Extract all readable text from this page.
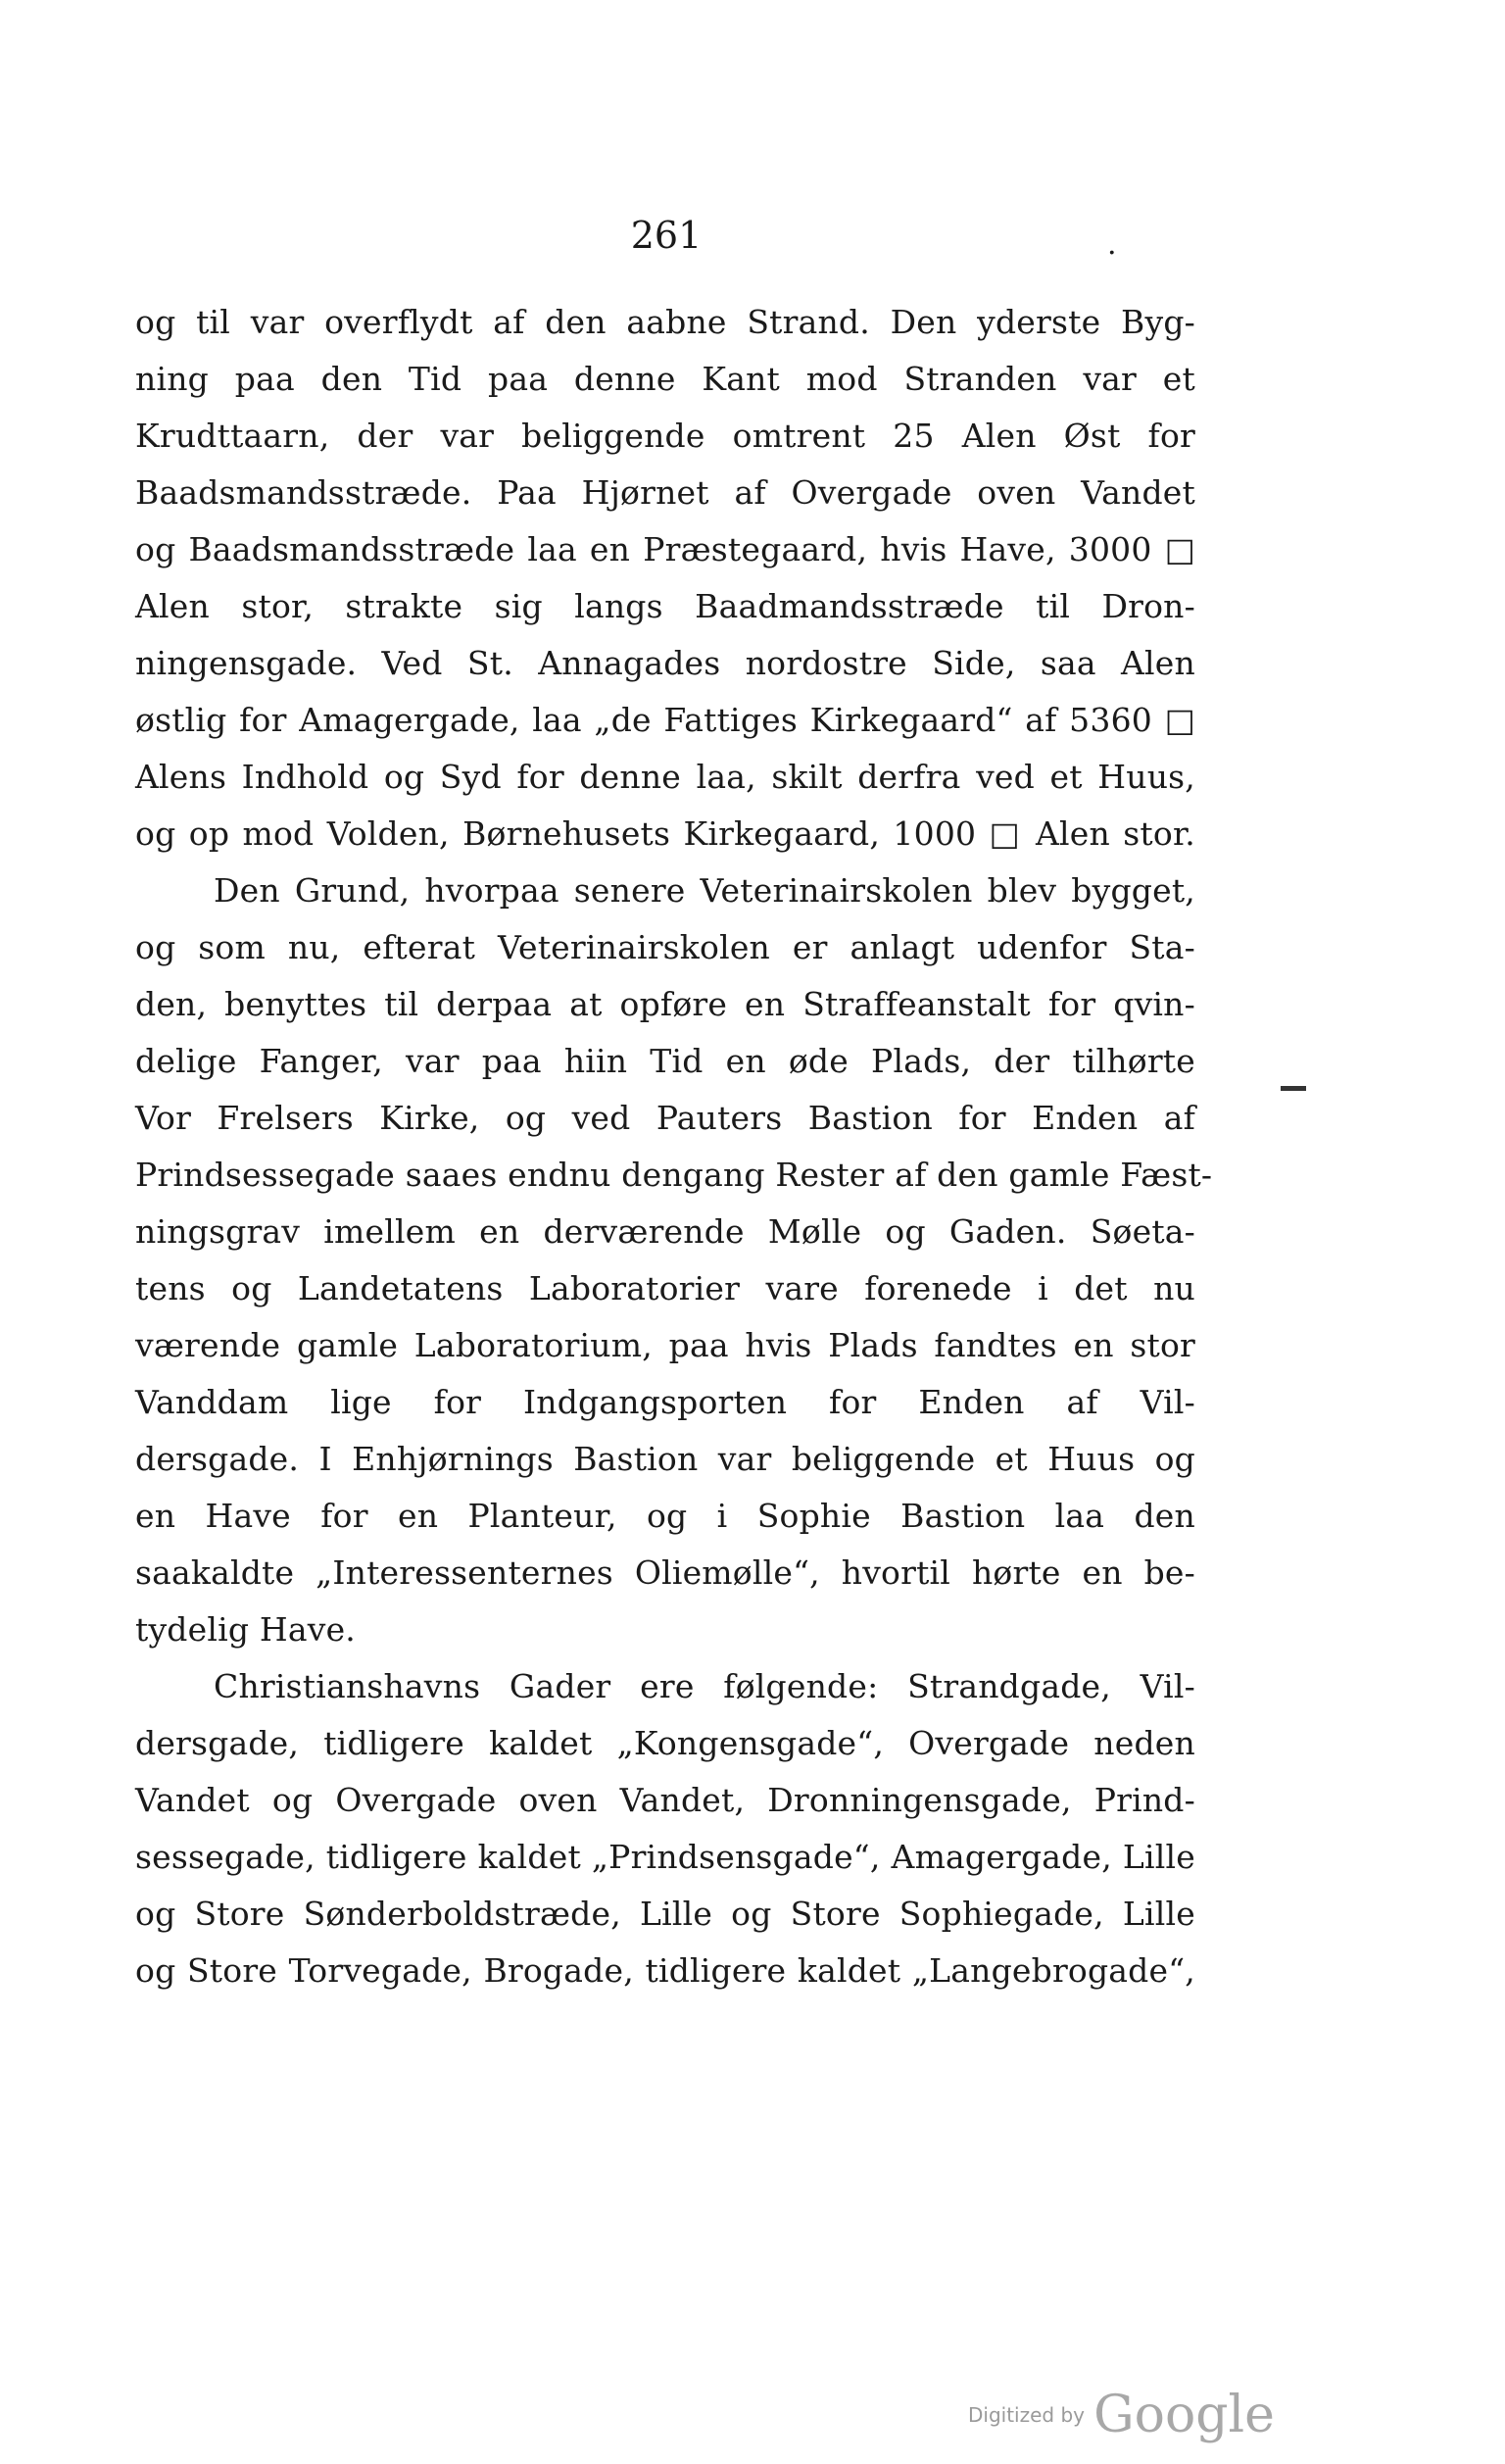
261	.

og til var overflydt af den aabne Strand. Den yderste Byg-
ning paa den Tid paa denne Kant mod Stranden var et
Krudttaarn, der var beliggende omtrent 25 Alen Øst for
Baadsmandsstræde. Paa Hjørnet af Overgade oven Vandet
og Baadsmandsstræde laa en Præstegaard, hvis Have, 3000 □
Alen stor, strakte sig langs Baadmandsstræde til Dron-
ningensgade. Ved St. Annagades nordostre Side, saa Alen
østlig for Amagergade, laa „de Fattiges Kirkegaard“ af 5360 □
Alens Indhold og Syd for denne laa, skilt derfra ved et Huus,
og op mod Volden, Børnehusets Kirkegaard, 1000 □ Alen stor.

Den Grund, hvorpaa senere Veterinairskolen blev bygget,
og som nu, efterat Veterinairskolen er anlagt udenfor Sta-
den, benyttes til derpaa at opføre en Straffeanstalt for qvin-
delige Fanger, var paa hiin Tid en øde Plads, der tilhørte
Vor Frelsers Kirke, og ved Pauters Bastion for Enden af
Prindsessegade saaes endnu dengang Rester af den gamle Fæst-
ningsgrav imellem en derværende Mølle og Gaden. Søeta-
tens og Landetatens Laboratorier vare forenede i det nu
værende gamle Laboratorium, paa hvis Plads fandtes en stor
Vanddam lige for Indgangsporten for Enden af Vil-
dersgade. I Enhjørnings Bastion var beliggende et Huus og
en Have for en Planteur, og i Sophie Bastion laa den
saakaldte „Interessenternes Oliemølle“, hvortil hørte en be-
tydelig Have.

Christianshavns Gader ere følgende: Strandgade, Vil-
dersgade, tidligere kaldet „Kongensgade“, Overgade neden
Vandet og Overgade oven Vandet, Dronningensgade, Prind-
sessegade, tidligere kaldet „Prindsensgade“, Amagergade, Lille
og Store Sønderboldstræde, Lille og Store Sophiegade, Lille
og Store Torvegade, Brogade, tidligere kaldet „Langebrogade“,

Digitized by Google
